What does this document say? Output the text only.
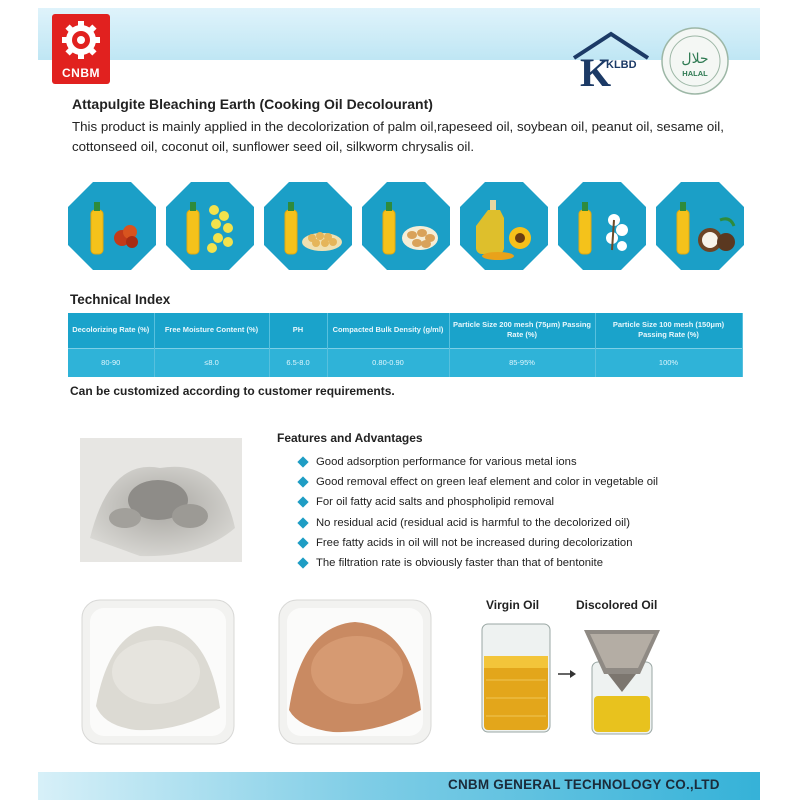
CNBM	K
KLBD	حلال
HALAL
Attapulgite Bleaching Earth (Cooking Oil Decolourant)
This product is mainly applied in the decolorization of palm oil,rapeseed oil, soybean oil, peanut oil, sesame oil, cottonseed oil, coconut oil, sunflower seed oil, silkworm chrysalis oil.
Technical Index
Decolorizing Rate (%)	Free Moisture Content (%)	PH	Compacted Bulk Density (g/ml)	Particle Size 200 mesh (75μm) Passing Rate (%)	Particle Size 100 mesh (150μm) Passing Rate (%)
80-90	≤8.0	6.5-8.0	0.80-0.90	85-95%	100%
Can be customized according to customer requirements.
Features and Advantages
Good adsorption performance for various metal ions
Good removal effect on green leaf element and color in vegetable oil
For oil fatty acid salts and phospholipid removal
No residual acid (residual acid is harmful to the decolorized oil)
Free fatty acids in oil will not be increased during decolorization
The filtration rate is obviously faster than that of bentonite
Virgin Oil	Discolored Oil
CNBM GENERAL TECHNOLOGY CO.,LTD
